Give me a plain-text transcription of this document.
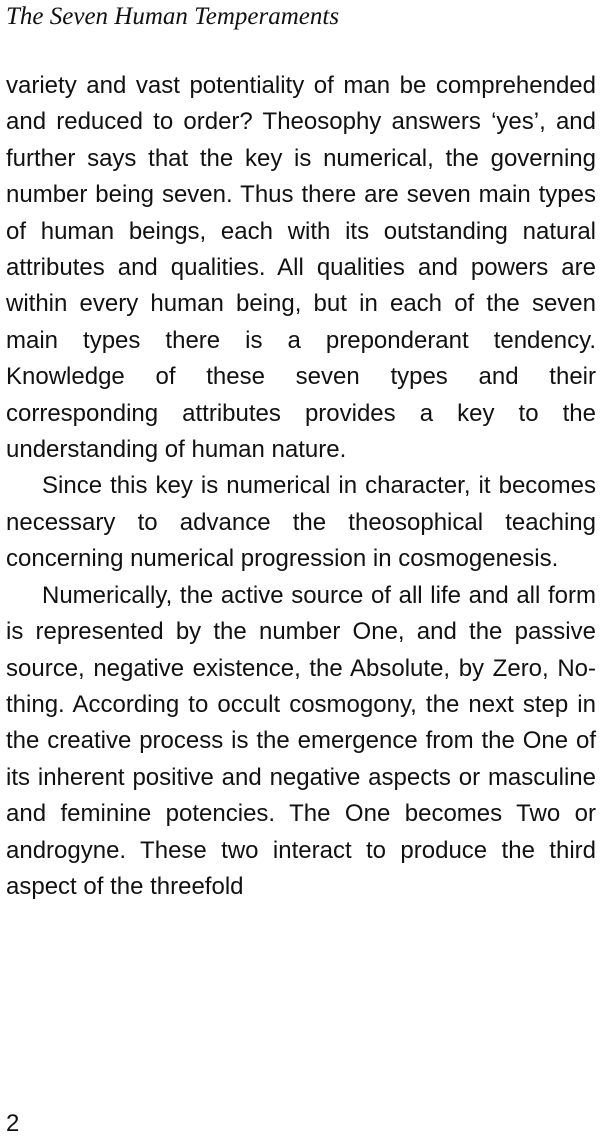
The Seven Human Temperaments

variety and vast potentiality of man be comprehended and reduced to order? Theosophy answers ‘yes’, and further says that the key is numerical, the governing number being seven. Thus there are seven main types of human beings, each with its outstanding natural attributes and qualities. All qualities and powers are within every human being, but in each of the seven main types there is a preponderant tendency. Knowledge of these seven types and their corresponding attributes provides a key to the understanding of human nature.

Since this key is numerical in character, it becomes necessary to advance the theosophical teaching concerning numerical progression in cosmogenesis.

Numerically, the active source of all life and all form is represented by the number One, and the passive source, negative existence, the Absolute, by Zero, No-thing. According to occult cosmogony, the next step in the creative process is the emergence from the One of its inherent positive and negative aspects or masculine and feminine potencies. The One becomes Two or androgyne. These two interact to produce the third aspect of the threefold

2
